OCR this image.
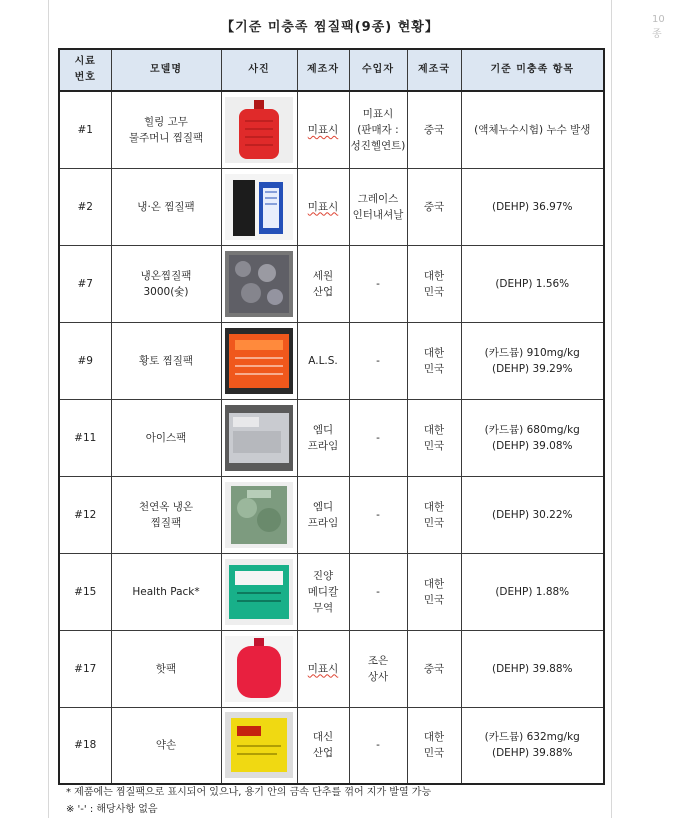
【기준 미충족 찜질팩(9종) 현황】
시료
번호	모델명	사진	제조자	수입자	제조국	기준 미충족 항목
#1	힐링 고무
물주머니 찜질팩		미표시	미표시
(판매자 :
성진헬연트)	중국	(액체누수시험) 누수 발생
#2	냉·온 찜질팩		미표시	그레이스
인터내셔날	중국	(DEHP) 36.97%
#7	냉온찜질팩
3000(숯)		세원
산업	-	대한
민국	(DEHP) 1.56%
#9	황토 찜질팩		A.L.S.	-	대한
민국	(카드뮴) 910mg/kg
(DEHP) 39.29%
#11	아이스팩		엠디
프라임	-	대한
민국	(카드뮴) 680mg/kg
(DEHP) 39.08%
#12	천연옥 냉온
찜질팩		엠디
프라임	-	대한
민국	(DEHP) 30.22%
#15	Health Pack*		진양
메디칼
무역	-	대한
민국	(DEHP) 1.88%
#17	핫팩		미표시	조은
상사	중국	(DEHP) 39.88%
#18	약손		대신
산업	-	대한
민국	(카드뮴) 632mg/kg
(DEHP) 39.88%
* 제품에는 찜질팩으로 표시되어 있으나, 용기 안의 금속 단추를 꺾어 지가 발열 가능
※ '-' : 해당사항 없음
10 종
